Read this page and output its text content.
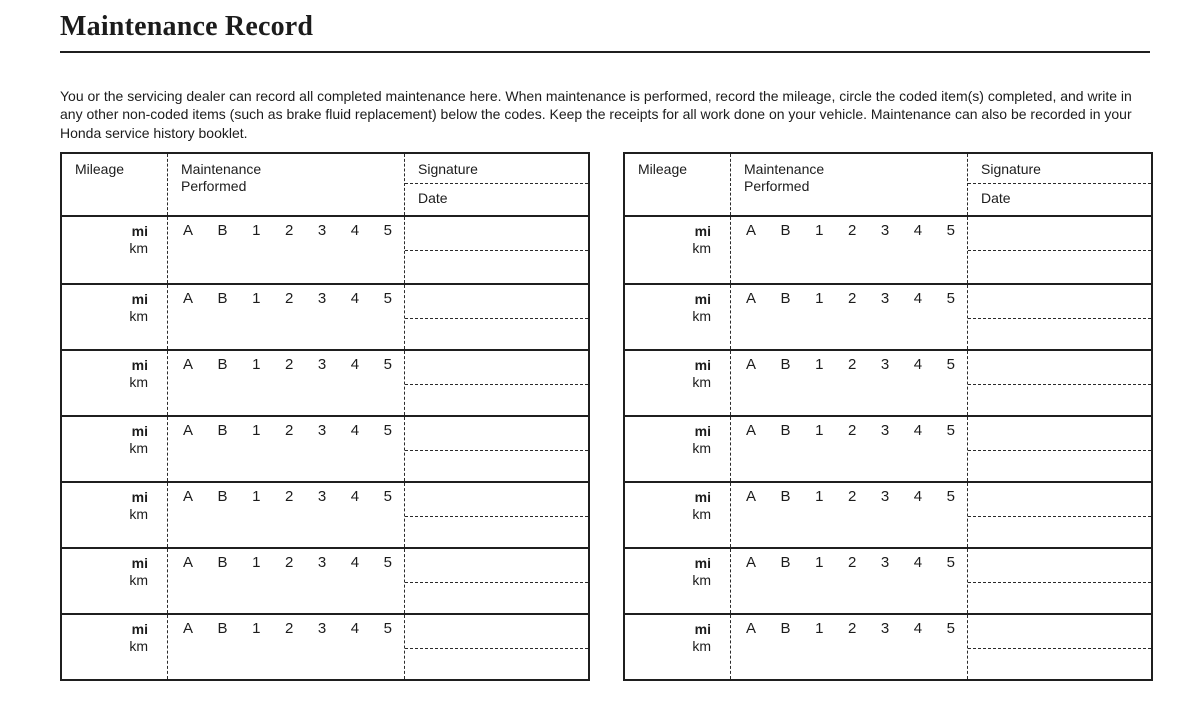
Maintenance Record

You or the servicing dealer can record all completed maintenance here. When maintenance is performed, record the mileage, circle the coded item(s) completed, and write in any other non-coded items (such as brake fluid replacement) below the codes. Keep the receipts for all work done on your vehicle. Maintenance can also be recorded in your Honda service history booklet.

Mileage	Maintenance
Performed
Signature
Date
mi
km
A B 1 2 3 4 5
mi
km
A B 1 2 3 4 5
mi
km
A B 1 2 3 4 5
mi
km
A B 1 2 3 4 5
mi
km
A B 1 2 3 4 5
mi
km
A B 1 2 3 4 5
mi
km
A B 1 2 3 4 5
Mileage	Maintenance
Performed
Signature
Date
mi
km
A B 1 2 3 4 5
mi
km
A B 1 2 3 4 5
mi
km
A B 1 2 3 4 5
mi
km
A B 1 2 3 4 5
mi
km
A B 1 2 3 4 5
mi
km
A B 1 2 3 4 5
mi
km
A B 1 2 3 4 5
